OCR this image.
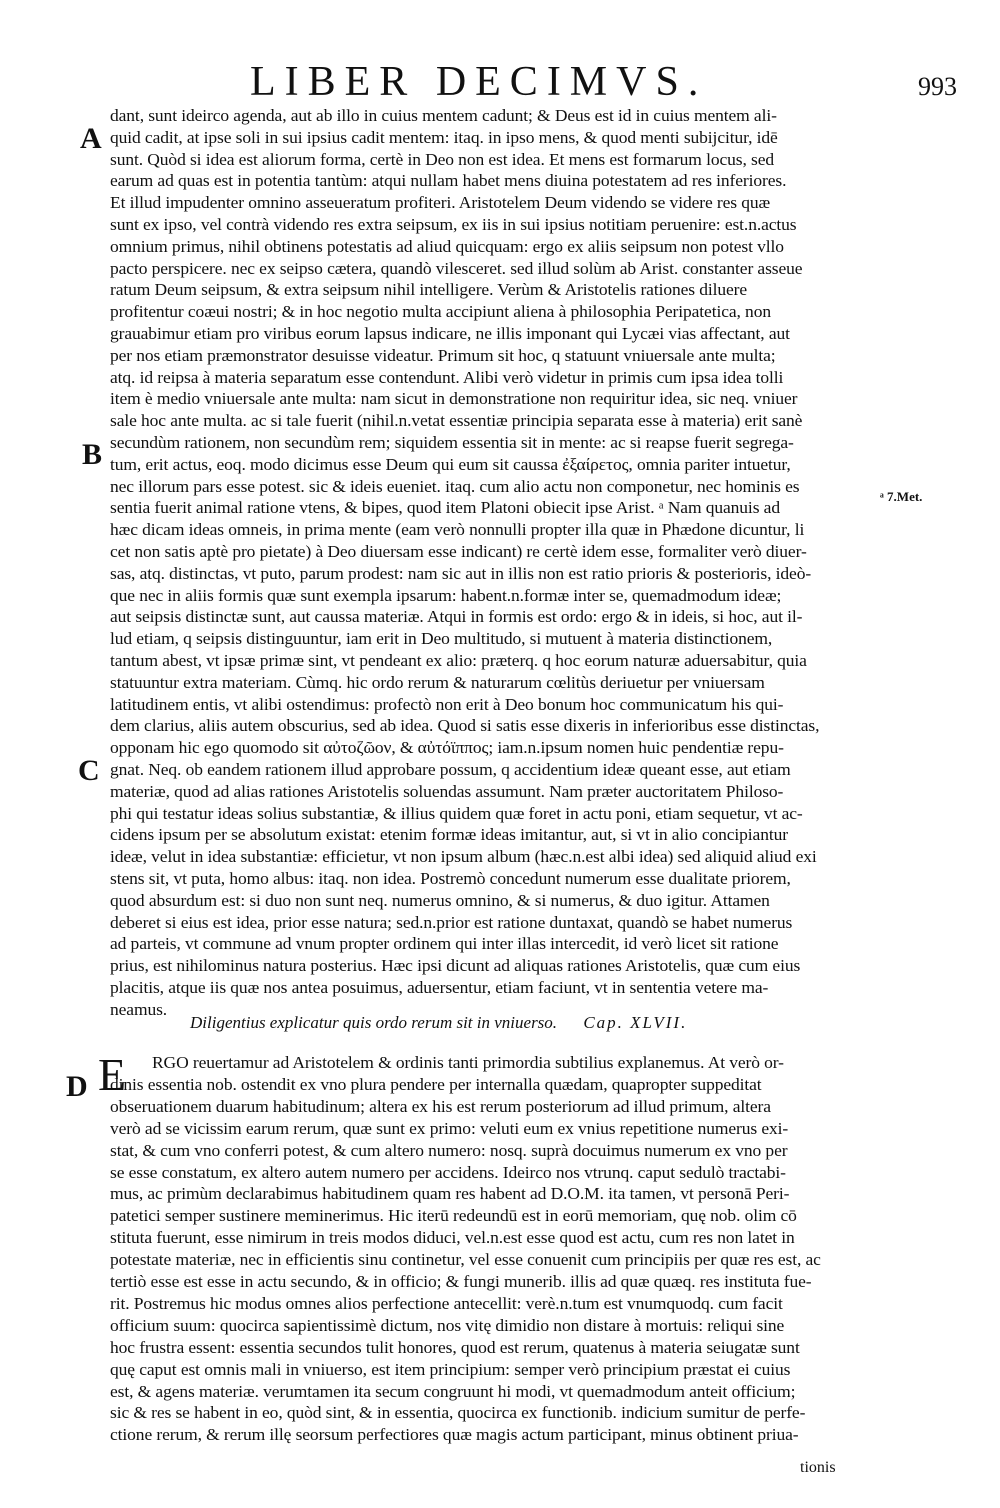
LIBER DECIMVS.	993
A
B
C
D
ᵃ 7.Met.
dant, sunt ideirco agenda, aut ab illo in cuius mentem cadunt; & Deus est id in cuius mentem ali-
quid cadit, at ipse soli in sui ipsius cadit mentem: itaq. in ipso mens, & quod menti subijcitur, idē
sunt. Quòd si idea est aliorum forma, certè in Deo non est idea. Et mens est formarum locus, sed
earum ad quas est in potentia tantùm: atqui nullam habet mens diuina potestatem ad res inferiores.
Et illud impudenter omnino asseueratum profiteri. Aristotelem Deum videndo se videre res quæ
sunt ex ipso, vel contrà videndo res extra seipsum, ex iis in sui ipsius notitiam peruenire: est.n.actus
omnium primus, nihil obtinens potestatis ad aliud quicquam: ergo ex aliis seipsum non potest vllo
pacto perspicere. nec ex seipso cætera, quandò vilesceret. sed illud solùm ab Arist. constanter asseue
ratum Deum seipsum, & extra seipsum nihil intelligere. Verùm & Aristotelis rationes diluere
profitentur coæui nostri; & in hoc negotio multa accipiunt aliena à philosophia Peripatetica, non
grauabimur etiam pro viribus eorum lapsus indicare, ne illis imponant qui Lycæi vias affectant, aut
per nos etiam præmonstrator desuisse videatur. Primum sit hoc, q statuunt vniuersale ante multa;
atq. id reipsa à materia separatum esse contendunt. Alibi verò videtur in primis cum ipsa idea tolli
item è medio vniuersale ante multa: nam sicut in demonstratione non requiritur idea, sic neq. vniuer
sale hoc ante multa. ac si tale fuerit (nihil.n.vetat essentiæ principia separata esse à materia) erit sanè
secundùm rationem, non secundùm rem; siquidem essentia sit in mente: ac si reapse fuerit segrega-
tum, erit actus, eoq. modo dicimus esse Deum qui eum sit caussa ἐξαίρετος, omnia pariter intuetur,
nec illorum pars esse potest. sic & ideis eueniet. itaq. cum alio actu non componetur, nec hominis es
sentia fuerit animal ratione vtens, & bipes, quod item Platoni obiecit ipse Arist. ᵃ Nam quanuis ad
hæc dicam ideas omneis, in prima mente (eam verò nonnulli propter illa quæ in Phædone dicuntur, li
cet non satis aptè pro pietate) à Deo diuersam esse indicant) re certè idem esse, formaliter verò diuer-
sas, atq. distinctas, vt puto, parum prodest: nam sic aut in illis non est ratio prioris & posterioris, ideò-
que nec in aliis formis quæ sunt exempla ipsarum: habent.n.formæ inter se, quemadmodum ideæ;
aut seipsis distinctæ sunt, aut caussa materiæ. Atqui in formis est ordo: ergo & in ideis, si hoc, aut il-
lud etiam, q seipsis distinguuntur, iam erit in Deo multitudo, si mutuent à materia distinctionem,
tantum abest, vt ipsæ primæ sint, vt pendeant ex alio: præterq. q hoc eorum naturæ aduersabitur, quia
statuuntur extra materiam. Cùmq. hic ordo rerum & naturarum cœlitùs deriuetur per vniuersam
latitudinem entis, vt alibi ostendimus: profectò non erit à Deo bonum hoc communicatum his qui-
dem clarius, aliis autem obscurius, sed ab idea. Quod si satis esse dixeris in inferioribus esse distinctas,
opponam hic ego quomodo sit αὐτοζῶον, & αὐτόϊππος; iam.n.ipsum nomen huic pendentiæ repu-
gnat. Neq. ob eandem rationem illud approbare possum, q accidentium ideæ queant esse, aut etiam
materiæ, quod ad alias rationes Aristotelis soluendas assumunt. Nam præter auctoritatem Philoso-
phi qui testatur ideas solius substantiæ, & illius quidem quæ foret in actu poni, etiam sequetur, vt ac-
cidens ipsum per se absolutum existat: etenim formæ ideas imitantur, aut, si vt in alio concipiantur
ideæ, velut in idea substantiæ: efficietur, vt non ipsum album (hæc.n.est albi idea) sed aliquid aliud exi
stens sit, vt puta, homo albus: itaq. non idea. Postremò concedunt numerum esse dualitate priorem,
quod absurdum est: si duo non sunt neq. numerus omnino, & si numerus, & duo igitur. Attamen
deberet si eius est idea, prior esse natura; sed.n.prior est ratione duntaxat, quandò se habet numerus
ad parteis, vt commune ad vnum propter ordinem qui inter illas intercedit, id verò licet sit ratione
prius, est nihilominus natura posterius. Hæc ipsi dicunt ad aliquas rationes Aristotelis, quæ cum eius
placitis, atque iis quæ nos antea posuimus, aduersentur, etiam faciunt, vt in sententia vetere ma-
neamus.
Diligentius explicatur quis ordo rerum sit in vniuerso. Cap. XLVII.
E RGO reuertamur ad Aristotelem & ordinis tanti primordia subtilius explanemus. At verò or-
dinis essentia nob. ostendit ex vno plura pendere per internalla quædam, quapropter suppeditat
obseruationem duarum habitudinum; altera ex his est rerum posteriorum ad illud primum, altera
verò ad se vicissim earum rerum, quæ sunt ex primo: veluti eum ex vnius repetitione numerus exi-
stat, & cum vno conferri potest, & cum altero numero: nosq. suprà docuimus numerum ex vno per
se esse constatum, ex altero autem numero per accidens. Ideirco nos vtrunq. caput sedulò tractabi-
mus, ac primùm declarabimus habitudinem quam res habent ad D.O.M. ita tamen, vt personā Peri-
patetici semper sustinere meminerimus. Hic iterū redeundū est in eorū memoriam, quę nob. olim cō
stituta fuerunt, esse nimirum in treis modos diduci, vel.n.est esse quod est actu, cum res non latet in
potestate materiæ, nec in efficientis sinu continetur, vel esse conuenit cum principiis per quæ res est, ac
tertiò esse est esse in actu secundo, & in officio; & fungi munerib. illis ad quæ quæq. res instituta fue-
rit. Postremus hic modus omnes alios perfectione antecellit: verè.n.tum est vnumquodq. cum facit
officium suum: quocirca sapientissimè dictum, nos vitę dimidio non distare à mortuis: reliqui sine
hoc frustra essent: essentia secundos tulit honores, quod est rerum, quatenus à materia seiugatæ sunt
quę caput est omnis mali in vniuerso, est item principium: semper verò principium præstat ei cuius
est, & agens materiæ. verumtamen ita secum congruunt hi modi, vt quemadmodum anteit officium;
sic & res se habent in eo, quòd sint, & in essentia, quocirca ex functionib. indicium sumitur de perfe-
ctione rerum, & rerum illę seorsum perfectiores quæ magis actum participant, minus obtinent priua-
tionis
